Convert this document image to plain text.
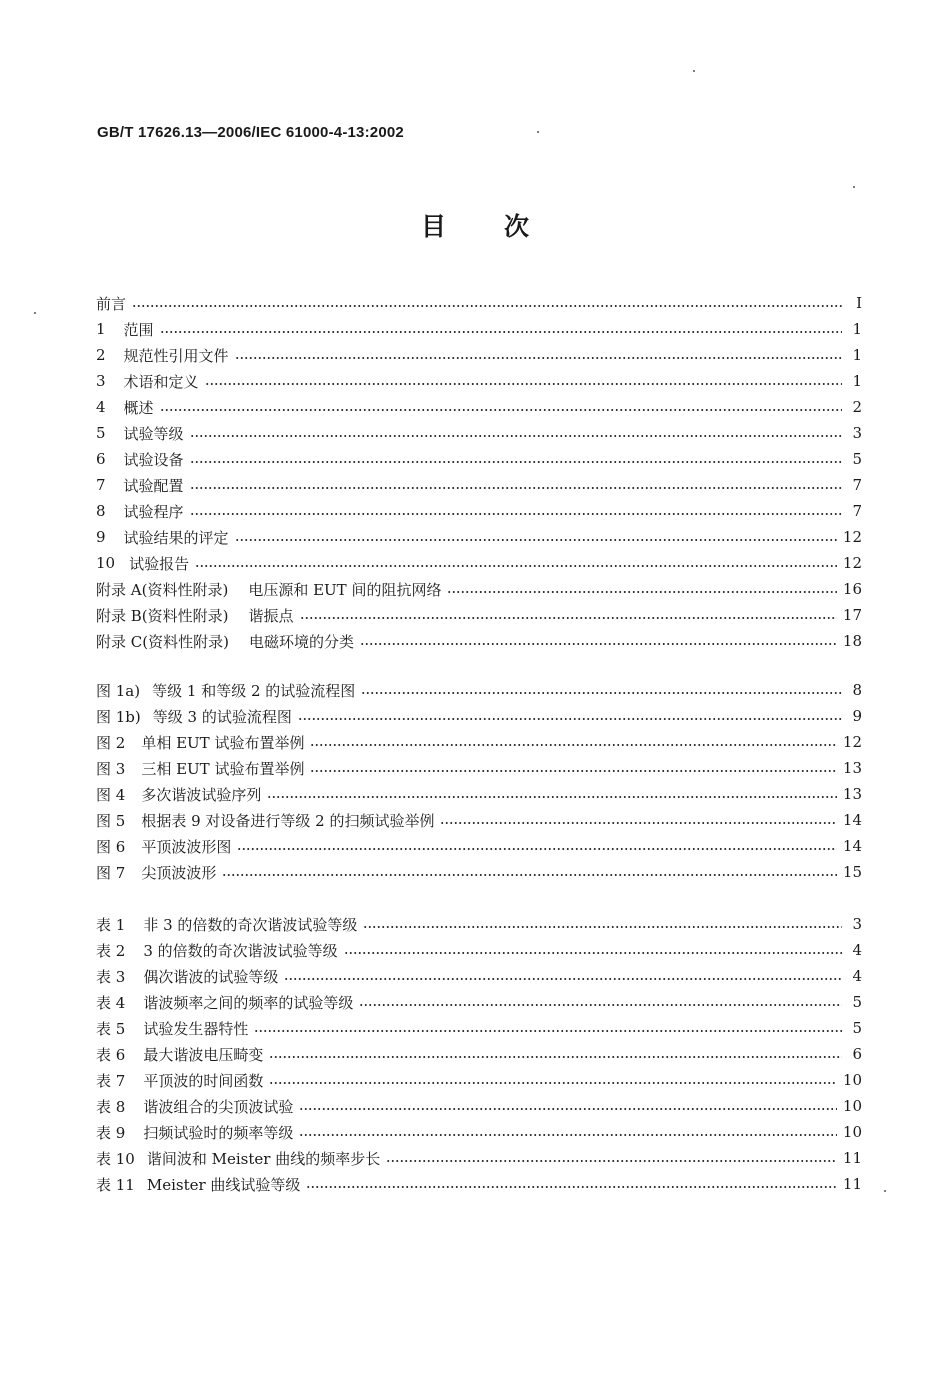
GB/T 17626.13—2006/IEC 61000-4-13:2002
目 次
前言	I
1 范围	1
2 规范性引用文件	1
3 术语和定义	1
4 概述	2
5 试验等级	3
6 试验设备	5
7 试验配置	7
8 试验程序	7
9 试验结果的评定	12
10 试验报告	12
附录 A(资料性附录) 电压源和 EUT 间的阻抗网络	16
附录 B(资料性附录) 谐振点	17
附录 C(资料性附录) 电磁环境的分类	18
图 1a) 等级 1 和等级 2 的试验流程图	8
图 1b) 等级 3 的试验流程图	9
图 2 单相 EUT 试验布置举例	12
图 3 三相 EUT 试验布置举例	13
图 4 多次谐波试验序列	13
图 5 根据表 9 对设备进行等级 2 的扫频试验举例	14
图 6 平顶波波形图	14
图 7 尖顶波波形	15
表 1 非 3 的倍数的奇次谐波试验等级	3
表 2 3 的倍数的奇次谐波试验等级	4
表 3 偶次谐波的试验等级	4
表 4 谐波频率之间的频率的试验等级	5
表 5 试验发生器特性	5
表 6 最大谐波电压畸变	6
表 7 平顶波的时间函数	10
表 8 谐波组合的尖顶波试验	10
表 9 扫频试验时的频率等级	10
表 10 谐间波和 Meister 曲线的频率步长	11
表 11 Meister 曲线试验等级	11
